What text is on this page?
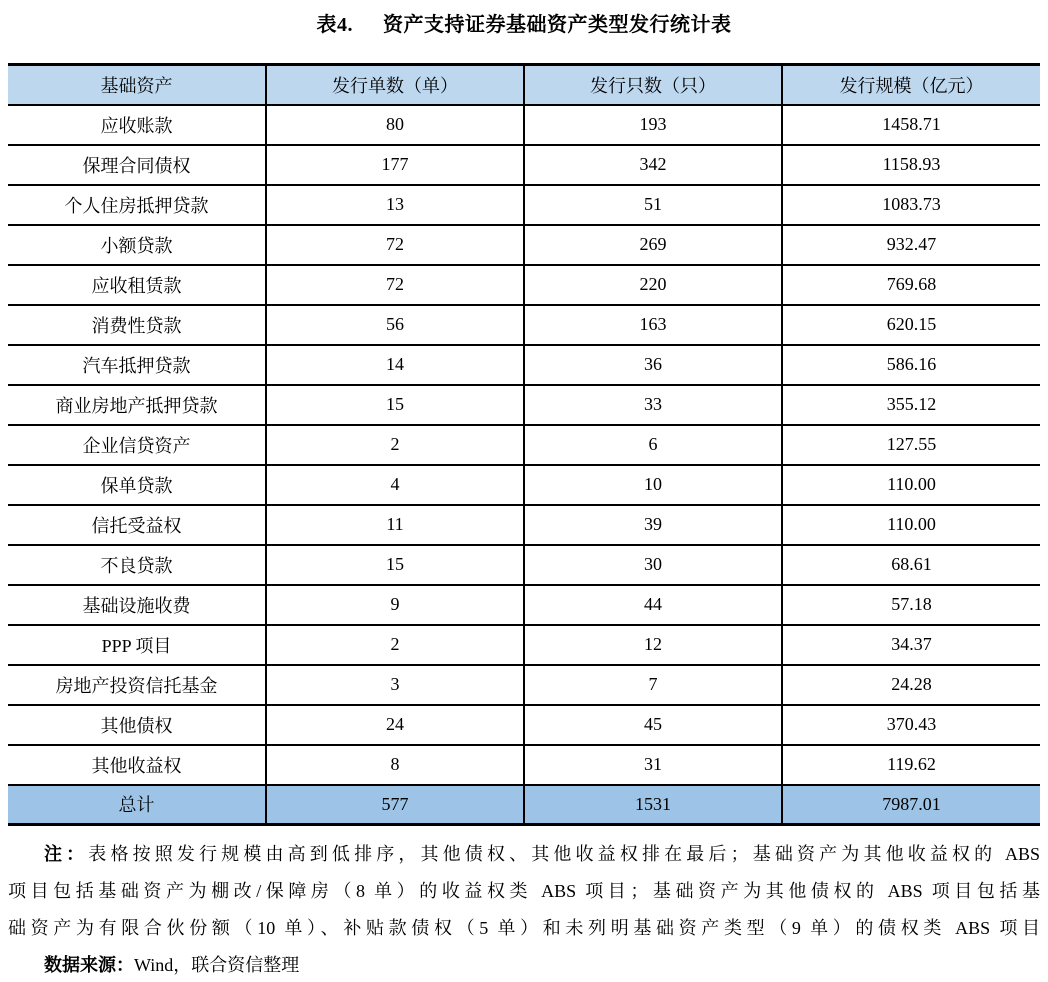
表4. 资产支持证券基础资产类型发行统计表
基础资产	发行单数（单）	发行只数（只）	发行规模（亿元）
应收账款	80	193	1458.71
保理合同债权	177	342	1158.93
个人住房抵押贷款	13	51	1083.73
小额贷款	72	269	932.47
应收租赁款	72	220	769.68
消费性贷款	56	163	620.15
汽车抵押贷款	14	36	586.16
商业房地产抵押贷款	15	33	355.12
企业信贷资产	2	6	127.55
保单贷款	4	10	110.00
信托受益权	11	39	110.00
不良贷款	15	30	68.61
基础设施收费	9	44	57.18
PPP 项目	2	12	34.37
房地产投资信托基金	3	7	24.28
其他债权	24	45	370.43
其他收益权	8	31	119.62
总计	577	1531	7987.01
注：表格按照发行规模由高到低排序，其他债权、其他收益权排在最后；基础资产为其他收益权的 ABS
项目包括基础资产为棚改/保障房（8 单）的收益权类 ABS 项目；基础资产为其他债权的 ABS 项目包括基
础资产为有限合伙份额（10 单）、补贴款债权（5 单）和未列明基础资产类型（9 单）的债权类 ABS 项目
数据来源：Wind，联合资信整理
